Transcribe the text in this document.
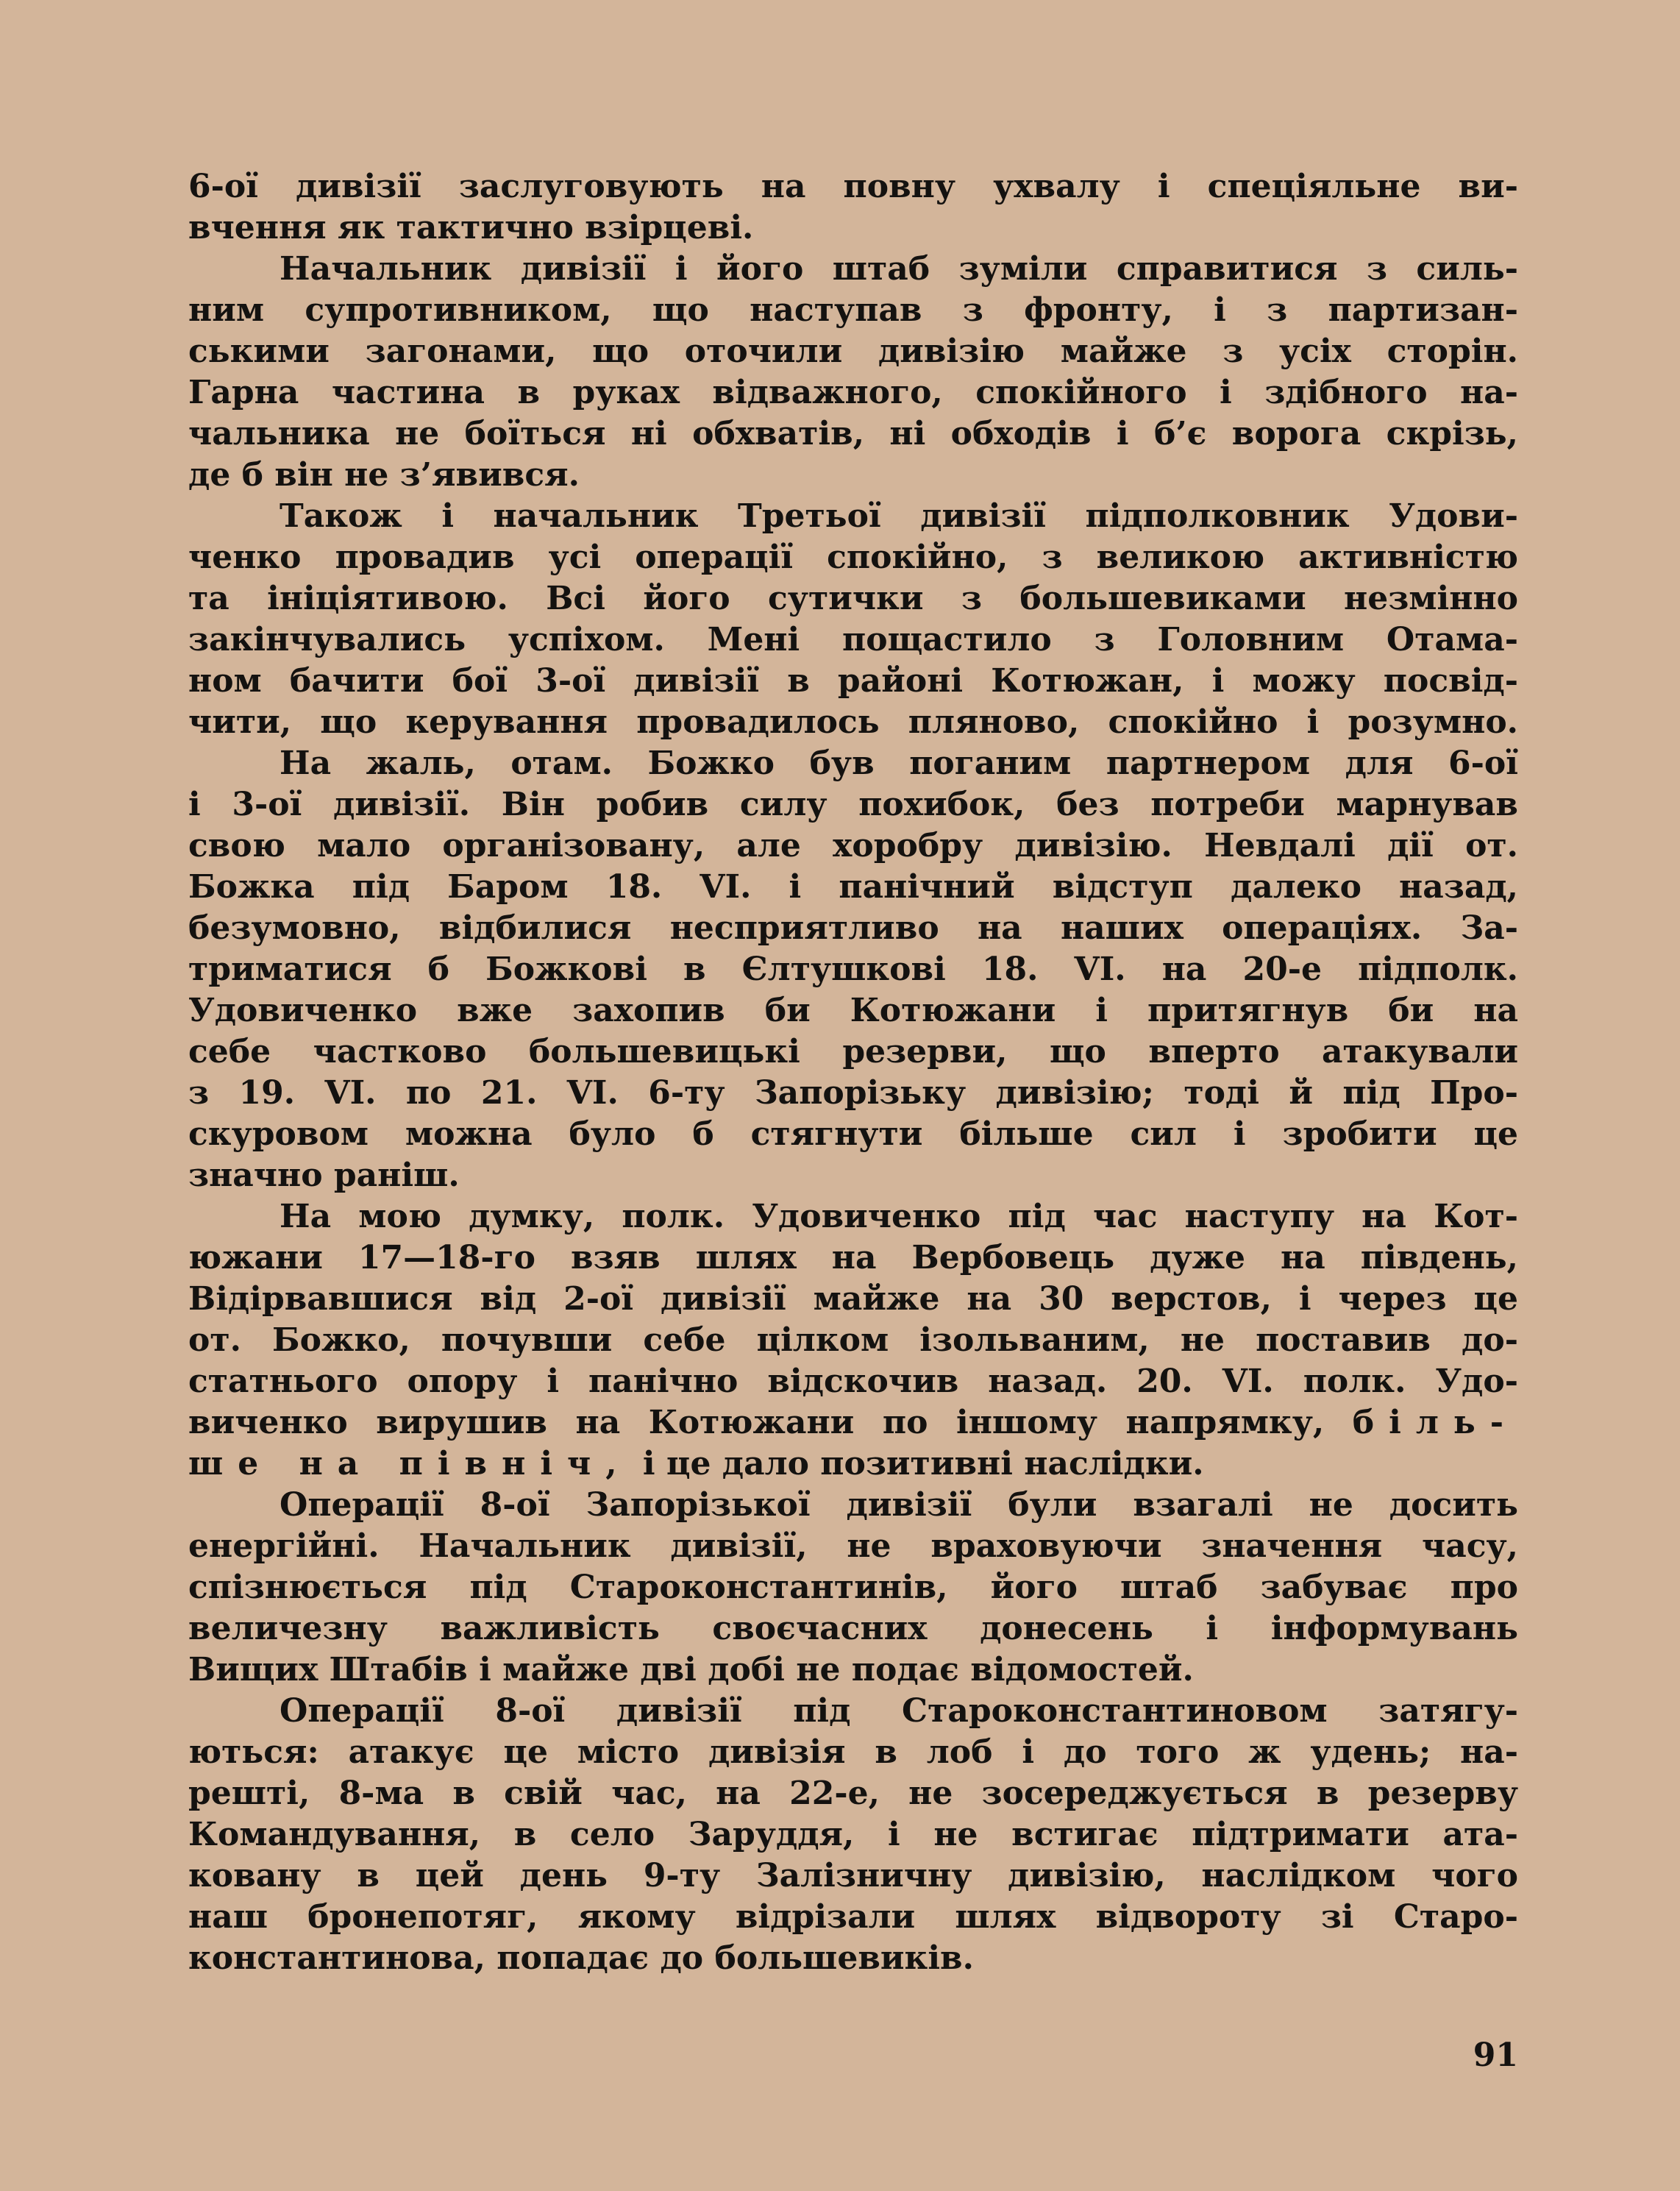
6-ої дивізії заслуговують на повну ухвалу і спеціяльне ви-
вчення як тактично взірцеві.
Начальник дивізії і його штаб зуміли справитися з силь-
ним супротивником, що наступав з фронту, і з партизан-
ськими загонами, що оточили дивізію майже з усіх сторін.
Гарна частина в руках відважного, спокійного і здібного на-
чальника не боїться ні обхватів, ні обходів і б’є ворога скрізь,
де б він не з’явився.
Також і начальник Третьої дивізії підполковник Удови-
ченко провадив усі операції спокійно, з великою активністю
та ініціятивою. Всі його сутички з большевиками незмінно
закінчувались успіхом. Мені пощастило з Головним Отама-
ном бачити бої 3-ої дивізії в районі Котюжан, і можу посвід-
чити, що керування провадилось пляново, спокійно і розумно.
На жаль, отам. Божко був поганим партнером для 6-ої
і 3-ої дивізії. Він робив силу похибок, без потреби марнував
свою мало організовану, але хоробру дивізію. Невдалі дії от.
Божка під Баром 18. VI. і панічний відступ далеко назад,
безумовно, відбилися несприятливо на наших операціях. За-
триматися б Божкові в Єлтушкові 18. VI. на 20-е підполк.
Удовиченко вже захопив би Котюжани і притягнув би на
себе частково большевицькі резерви, що вперто атакували
з 19. VI. по 21. VI. 6-ту Запорізьку дивізію; тоді й під Про-
скуровом можна було б стягнути більше сил і зробити це
значно раніш.
На мою думку, полк. Удовиченко під час наступу на Кот-
южани 17—18-го взяв шлях на Вербовець дуже на південь,
Відірвавшися від 2-ої дивізії майже на 30 верстов, і через це
от. Божко, почувши себе цілком ізольваним, не поставив до-
статнього опору і панічно відскочив назад. 20. VI. полк. Удо-
виченко вирушив на Котюжани по іншому напрямку, біль-
ше на північ, і це дало позитивні наслідки.
Операції 8-ої Запорізької дивізії були взагалі не досить
енергійні. Начальник дивізії, не враховуючи значення часу,
спізнюється під Староконстантинів, його штаб забуває про
величезну важливість своєчасних донесень і інформувань
Вищих Штабів і майже дві добі не подає відомостей.
Операції 8-ої дивізії під Староконстантиновом затягу-
ються: атакує це місто дивізія в лоб і до того ж удень; на-
решті, 8-ма в свій час, на 22-е, не зосереджується в резерву
Командування, в село Заруддя, і не встигає підтримати ата-
ковану в цей день 9-ту Залізничну дивізію, наслідком чого
наш бронепотяг, якому відрізали шлях відвороту зі Старо-
константинова, попадає до большевиків.
91
